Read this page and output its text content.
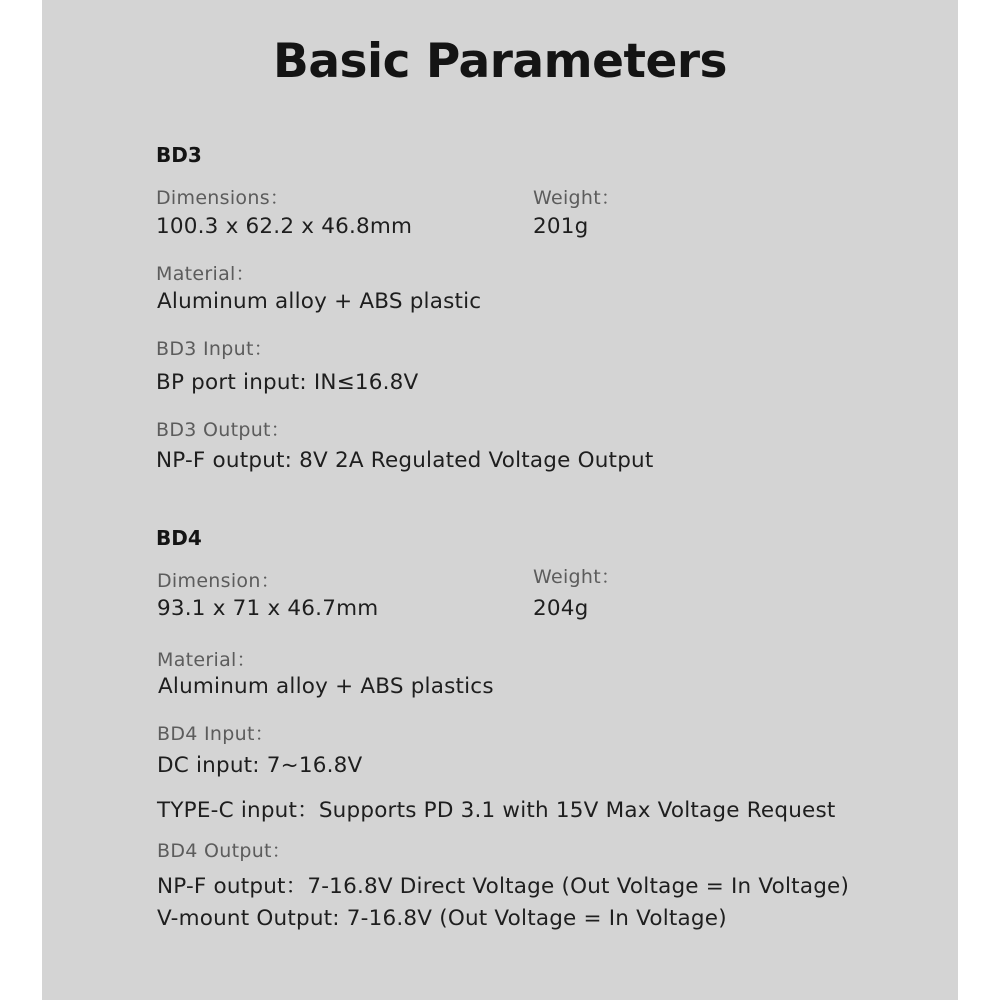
Basic Parameters
BD3
Dimensions：
100.3 x 62.2 x 46.8mm
Weight：
201g
Material：
Aluminum alloy + ABS plastic
BD3 Input：
BP port input: IN≤16.8V
BD3 Output：
NP-F output: 8V 2A Regulated Voltage Output
BD4
Dimension：
93.1 x 71 x 46.7mm
Weight：
204g
Material：
Aluminum alloy + ABS plastics
BD4 Input：
DC input: 7~16.8V
TYPE-C input：Supports PD 3.1 with 15V Max Voltage Request
BD4 Output：
NP-F output：7-16.8V Direct Voltage (Out Voltage = In Voltage)
V-mount Output: 7-16.8V (Out Voltage = In Voltage)
